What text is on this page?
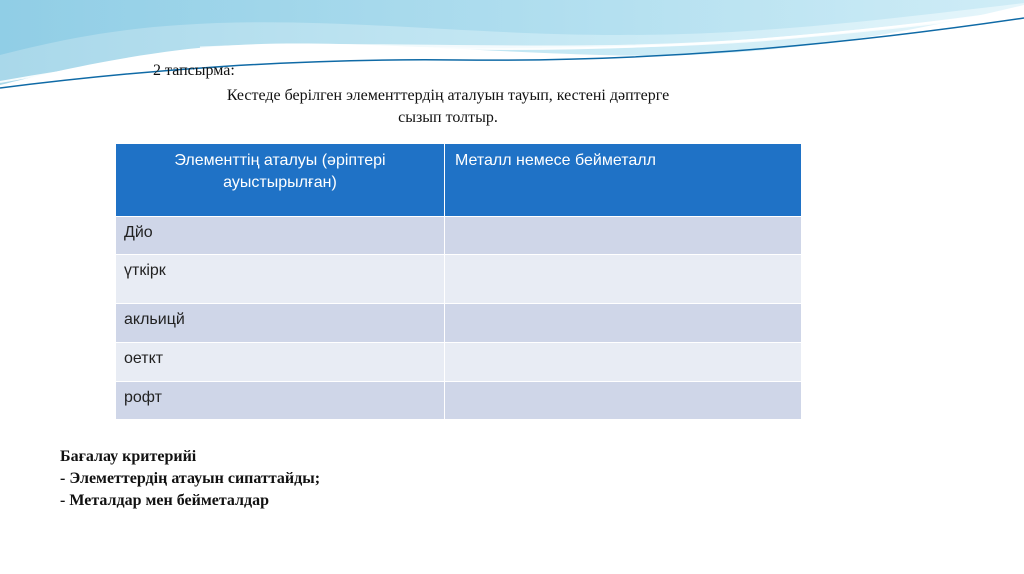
2 тапсырма:
Кестеде берілген элементтердің аталуын тауып, кестені дәптерге
сызып толтыр.
Элементтің аталуы (әріптері ауыстырылған)	Металл немесе бейметалл
Дйо	
үткірк	
акльицй	
оеткт	
рофт	
Бағалау критерийі
- Элеметтердің атауын сипаттайды;
- Металдар мен бейметалдар
